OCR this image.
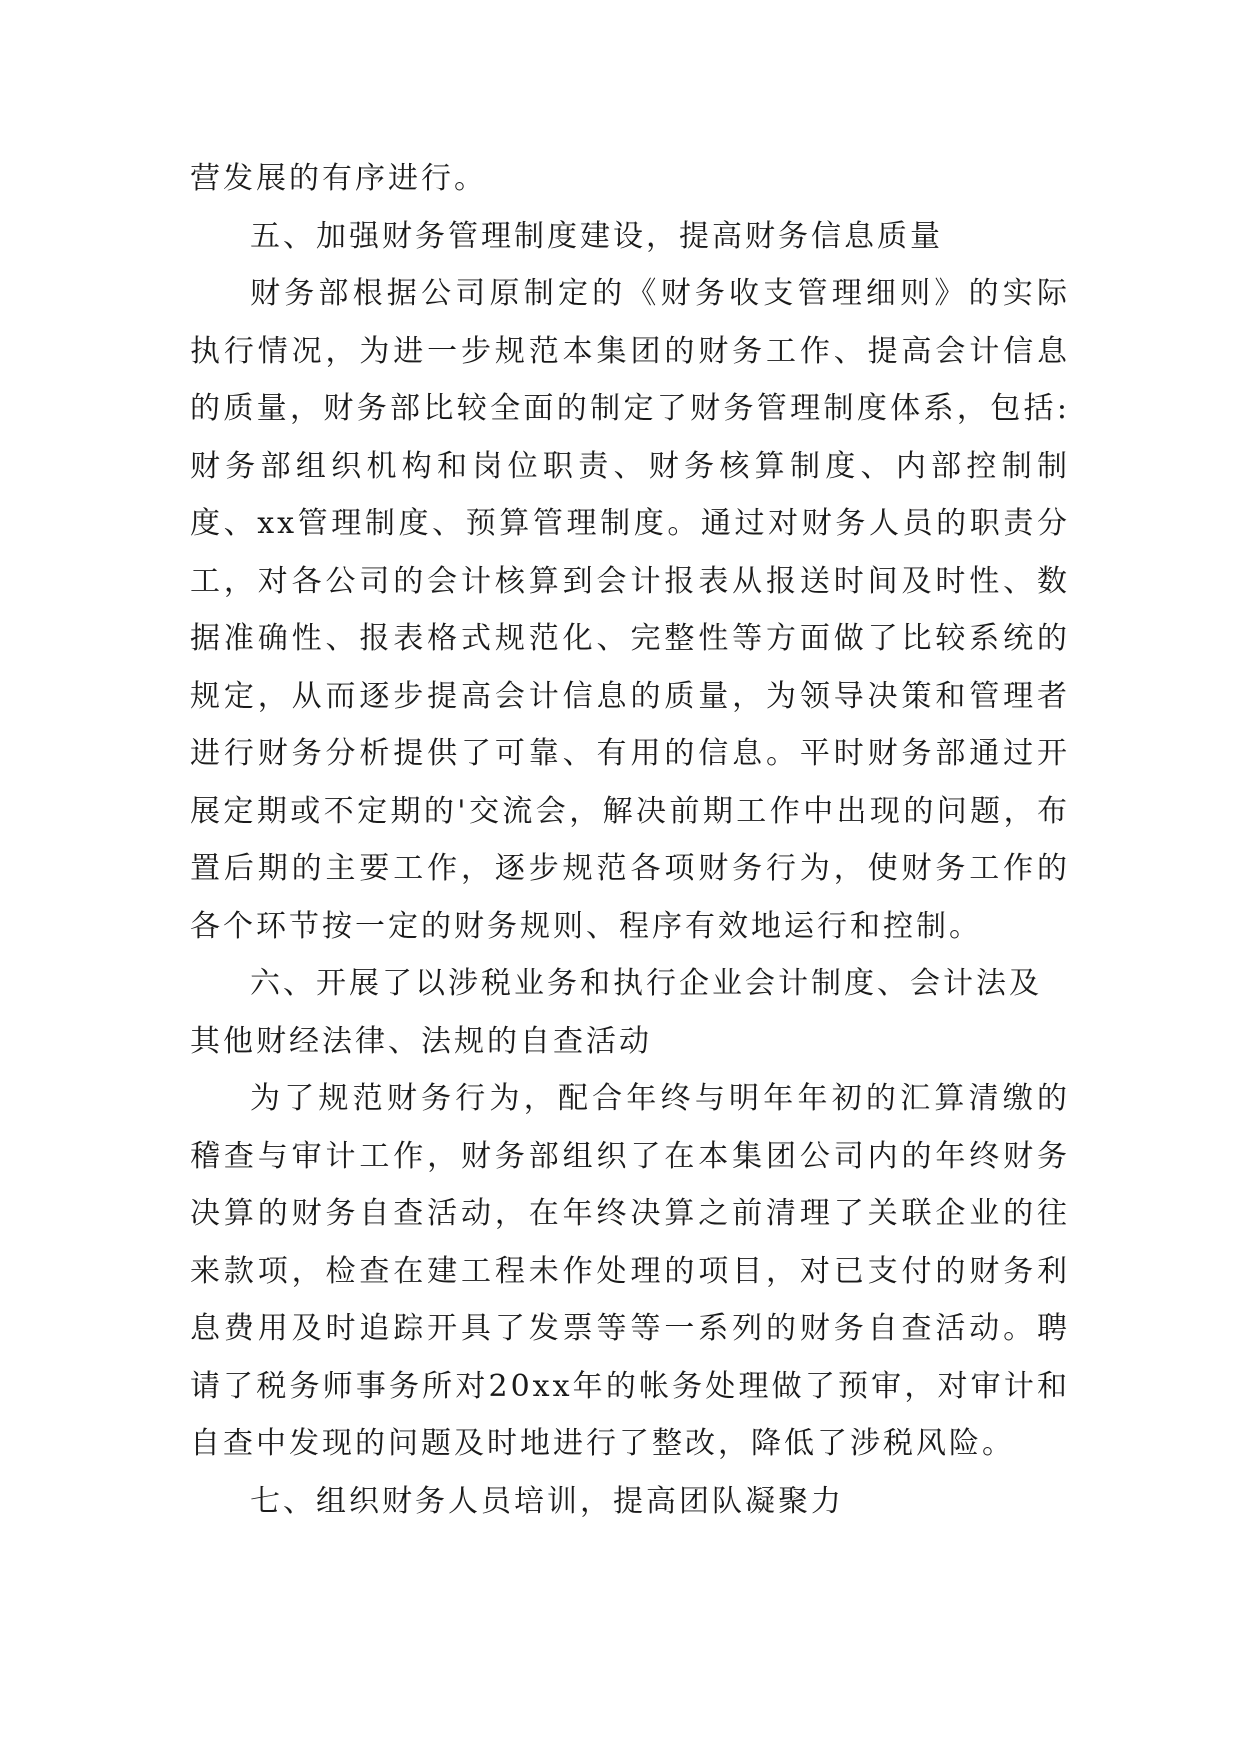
营发展的有序进行。

五、加强财务管理制度建设，提高财务信息质量

财务部根据公司原制定的《财务收支管理细则》的实际执行情况，为进一步规范本集团的财务工作、提高会计信息的质量，财务部比较全面的制定了财务管理制度体系，包括:财务部组织机构和岗位职责、财务核算制度、内部控制制度、xx管理制度、预算管理制度。通过对财务人员的职责分工，对各公司的会计核算到会计报表从报送时间及时性、数据准确性、报表格式规范化、完整性等方面做了比较系统的规定，从而逐步提高会计信息的质量，为领导决策和管理者进行财务分析提供了可靠、有用的信息。平时财务部通过开展定期或不定期的'交流会，解决前期工作中出现的问题，布置后期的主要工作，逐步规范各项财务行为，使财务工作的各个环节按一定的财务规则、程序有效地运行和控制。

六、开展了以涉税业务和执行企业会计制度、会计法及其他财经法律、法规的自查活动

为了规范财务行为，配合年终与明年年初的汇算清缴的稽查与审计工作，财务部组织了在本集团公司内的年终财务决算的财务自查活动，在年终决算之前清理了关联企业的往来款项，检查在建工程未作处理的项目，对已支付的财务利息费用及时追踪开具了发票等等一系列的财务自查活动。聘请了税务师事务所对20xx年的帐务处理做了预审，对审计和自查中发现的问题及时地进行了整改，降低了涉税风险。

七、组织财务人员培训，提高团队凝聚力
